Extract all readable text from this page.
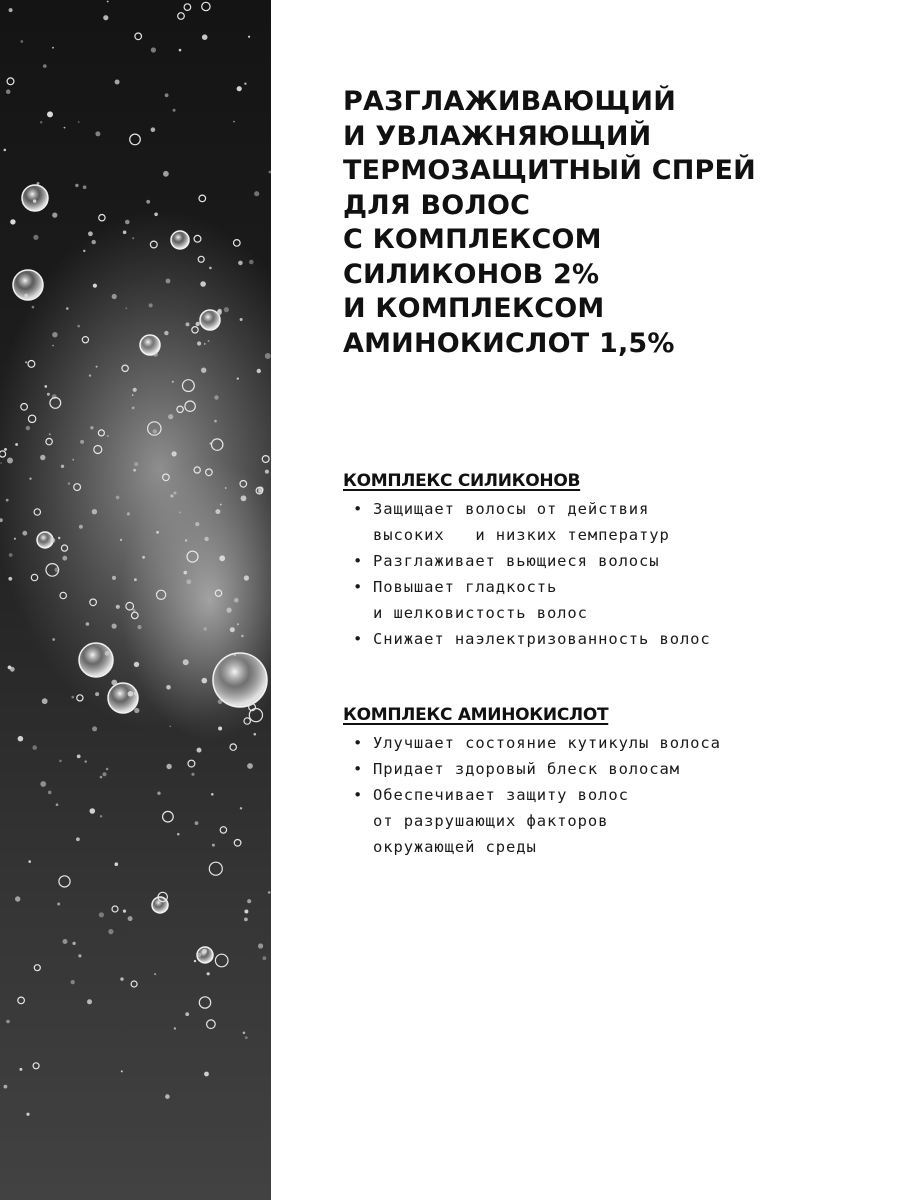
РАЗГЛАЖИВАЮЩИЙ
И УВЛАЖНЯЮЩИЙ
ТЕРМОЗАЩИТНЫЙ СПРЕЙ
ДЛЯ ВОЛОС
С КОМПЛЕКСОМ
СИЛИКОНОВ 2%
И КОМПЛЕКСОМ
АМИНОКИСЛОТ 1,5%
КОМПЛЕКС СИЛИКОНОВ
• Защищает волосы от действия
высоких   и низких температур
• Разглаживает вьющиеся волосы
• Повышает гладкость
и шелковистость волос
• Снижает наэлектризованность волос
КОМПЛЕКС АМИНОКИСЛОТ
• Улучшает состояние кутикулы волоса
• Придает здоровый блеск волосам
• Обеспечивает защиту волос
от разрушающих факторов
окружающей среды
